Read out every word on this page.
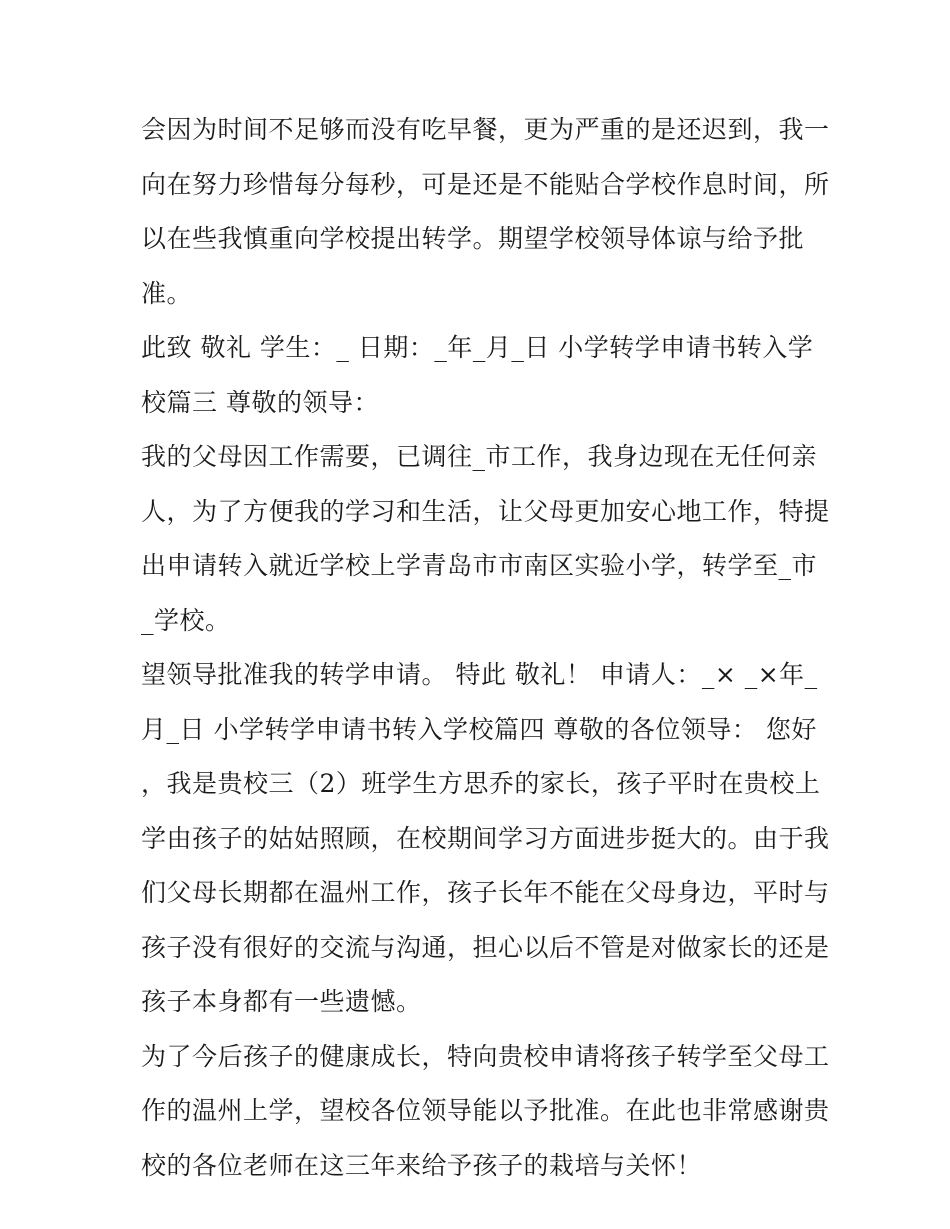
会因为时间不足够而没有吃早餐，更为严重的是还迟到，我一
向在努力珍惜每分每秒，可是还是不能贴合学校作息时间，所
以在些我慎重向学校提出转学。期望学校领导体谅与给予批
准。
此致 敬礼 学生：_ 日期：_年_月_日 小学转学申请书转入学
校篇三 尊敬的领导：
我的父母因工作需要，已调往_市工作，我身边现在无任何亲
人，为了方便我的学习和生活，让父母更加安心地工作，特提
出申请转入就近学校上学青岛市市南区实验小学，转学至_市
_学校。
望领导批准我的转学申请。 特此 敬礼！ 申请人：_× _×年_
月_日 小学转学申请书转入学校篇四 尊敬的各位领导： 您好
，我是贵校三（2）班学生方思乔的家长，孩子平时在贵校上
学由孩子的姑姑照顾，在校期间学习方面进步挺大的。由于我
们父母长期都在温州工作，孩子长年不能在父母身边，平时与
孩子没有很好的交流与沟通，担心以后不管是对做家长的还是
孩子本身都有一些遗憾。
为了今后孩子的健康成长，特向贵校申请将孩子转学至父母工
作的温州上学，望校各位领导能以予批准。在此也非常感谢贵
校的各位老师在这三年来给予孩子的栽培与关怀！
